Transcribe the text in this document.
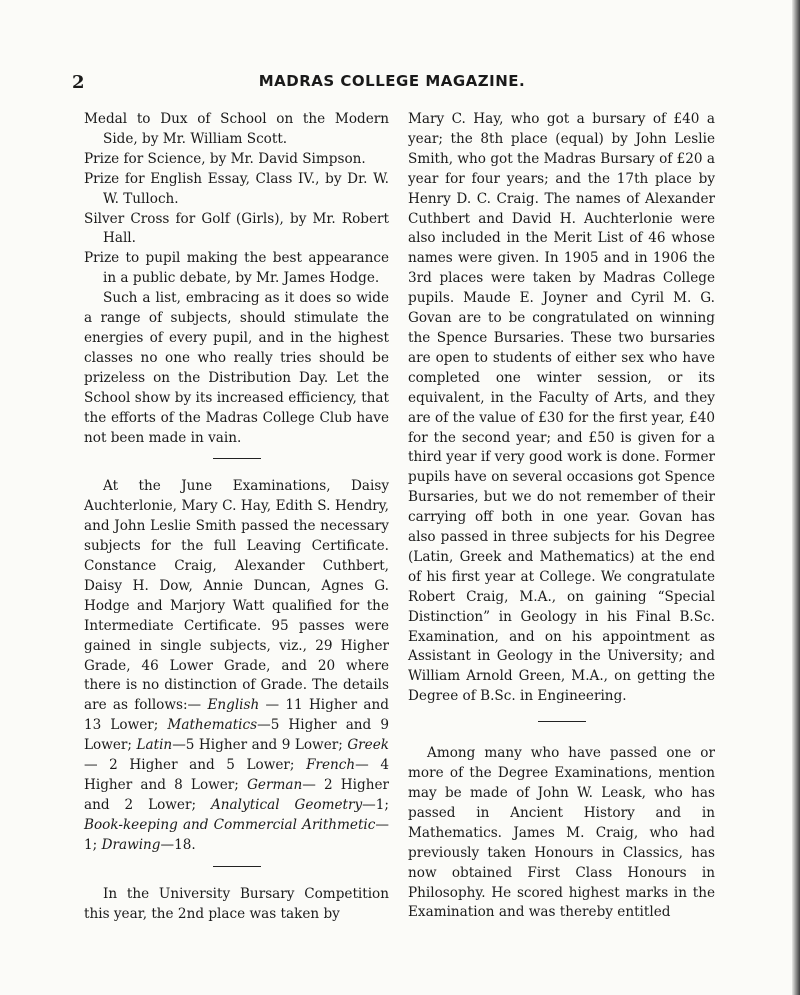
2	MADRAS COLLEGE MAGAZINE.

Medal to Dux of School on the Modern Side, by Mr. William Scott.

Prize for Science, by Mr. David Simpson.

Prize for English Essay, Class IV., by Dr. W. W. Tulloch.

Silver Cross for Golf (Girls), by Mr. Robert Hall.

Prize to pupil making the best appearance in a public debate, by Mr. James Hodge.

Such a list, embracing as it does so wide a range of subjects, should stimulate the energies of every pupil, and in the highest classes no one who really tries should be prizeless on the Distribution Day. Let the School show by its increased efficiency, that the efforts of the Madras College Club have not been made in vain.

At the June Examinations, Daisy Auchterlonie, Mary C. Hay, Edith S. Hendry, and John Leslie Smith passed the necessary subjects for the full Leaving Certificate. Constance Craig, Alexander Cuthbert, Daisy H. Dow, Annie Duncan, Agnes G. Hodge and Marjory Watt qualified for the Intermediate Certificate. 95 passes were gained in single subjects, viz., 29 Higher Grade, 46 Lower Grade, and 20 where there is no distinction of Grade. The details are as follows:— English — 11 Higher and 13 Lower; Mathematics—5 Higher and 9 Lower; Latin—5 Higher and 9 Lower; Greek— 2 Higher and 5 Lower; French— 4 Higher and 8 Lower; German— 2 Higher and 2 Lower; Analytical Geometry—1; Book-keeping and Commercial Arithmetic—1; Drawing—18.

In the University Bursary Competition this year, the 2nd place was taken by

Mary C. Hay, who got a bursary of £40 a year; the 8th place (equal) by John Leslie Smith, who got the Madras Bursary of £20 a year for four years; and the 17th place by Henry D. C. Craig. The names of Alexander Cuthbert and David H. Auchterlonie were also included in the Merit List of 46 whose names were given. In 1905 and in 1906 the 3rd places were taken by Madras College pupils. Maude E. Joyner and Cyril M. G. Govan are to be congratulated on winning the Spence Bursaries. These two bursaries are open to students of either sex who have completed one winter session, or its equivalent, in the Faculty of Arts, and they are of the value of £30 for the first year, £40 for the second year; and £50 is given for a third year if very good work is done. Former pupils have on several occasions got Spence Bursaries, but we do not remember of their carrying off both in one year. Govan has also passed in three subjects for his Degree (Latin, Greek and Mathematics) at the end of his first year at College. We congratulate Robert Craig, M.A., on gaining “Special Distinction” in Geology in his Final B.Sc. Examination, and on his appointment as Assistant in Geology in the University; and William Arnold Green, M.A., on getting the Degree of B.Sc. in Engineering.

Among many who have passed one or more of the Degree Examinations, mention may be made of John W. Leask, who has passed in Ancient History and in Mathematics. James M. Craig, who had previously taken Honours in Classics, has now obtained First Class Honours in Philosophy. He scored highest marks in the Examination and was thereby entitled
